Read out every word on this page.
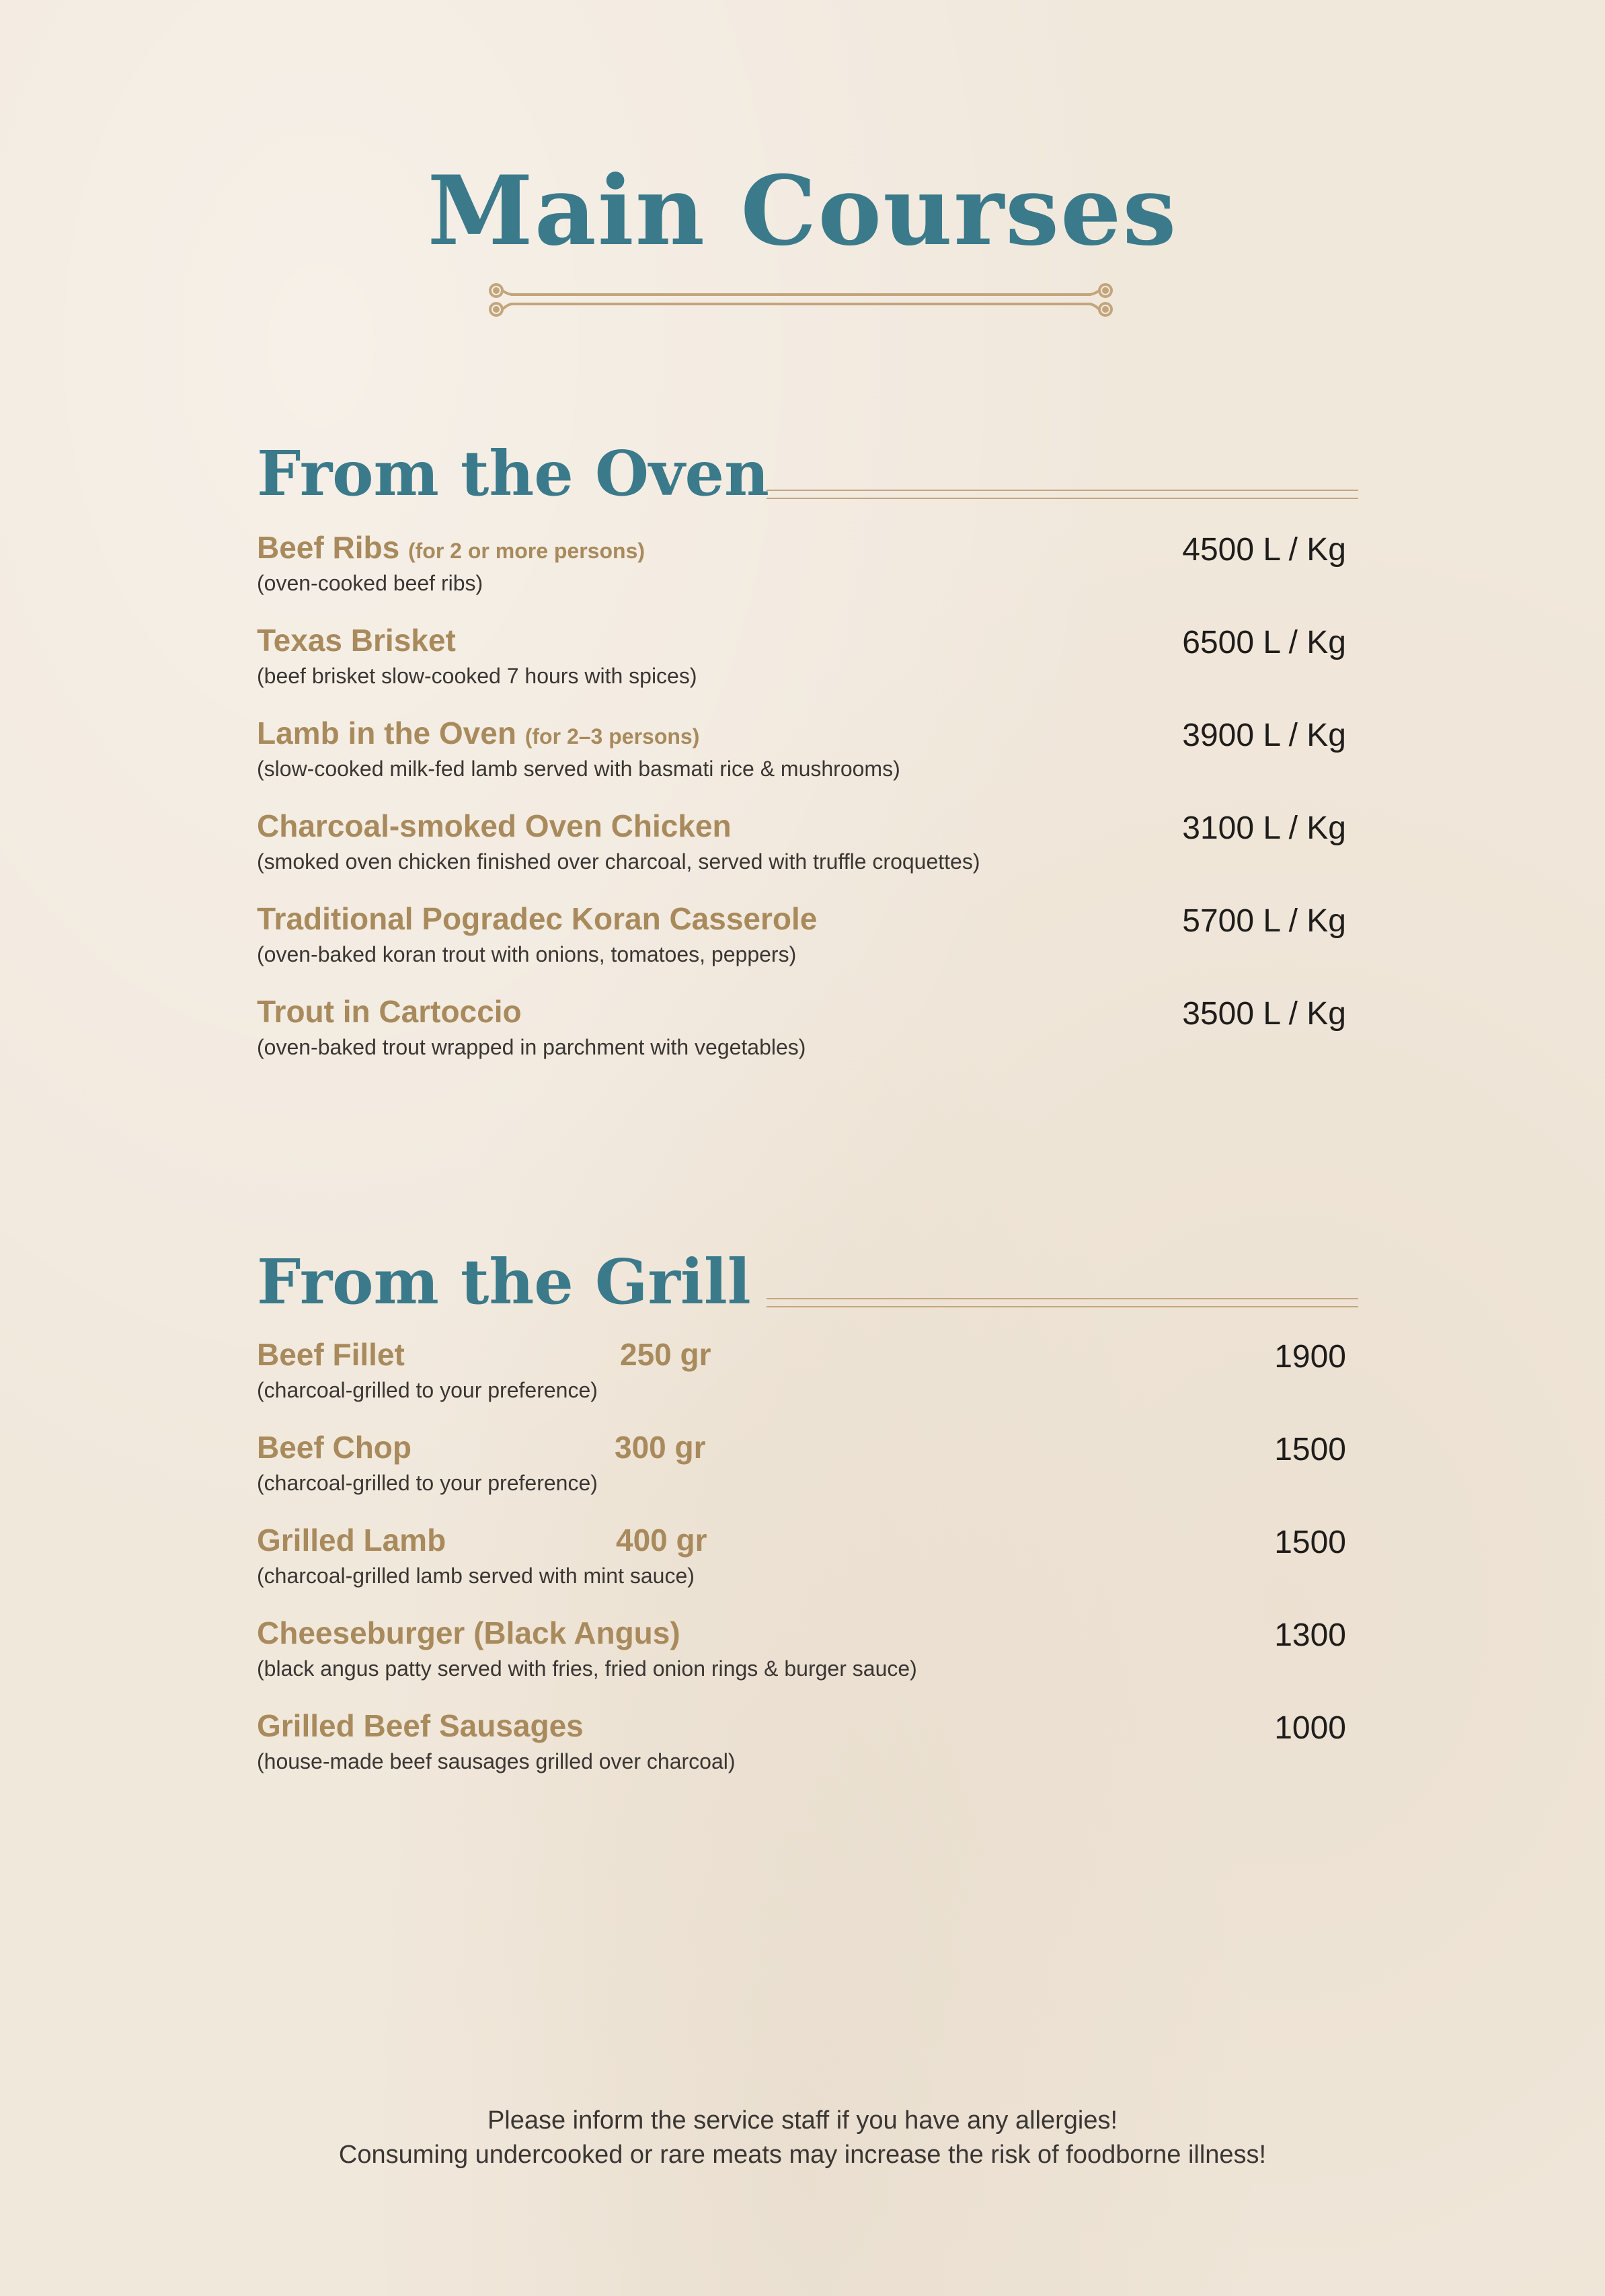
Main Courses
From the Oven
Beef Ribs (for 2 or more persons)
(oven-cooked beef ribs)
4500 L / Kg
Texas Brisket
(beef brisket slow-cooked 7 hours with spices)
6500 L / Kg
Lamb in the Oven (for 2–3 persons)
(slow-cooked milk-fed lamb served with basmati rice & mushrooms)
3900 L / Kg
Charcoal-smoked Oven Chicken
(smoked oven chicken finished over charcoal, served with truffle croquettes)
3100 L / Kg
Traditional Pogradec Koran Casserole
(oven-baked koran trout with onions, tomatoes, peppers)
5700 L / Kg
Trout in Cartoccio
(oven-baked trout wrapped in parchment with vegetables)
3500 L / Kg
From the Grill
Beef Fillet	250 gr
(charcoal-grilled to your preference)
1900
Beef Chop	300 gr
(charcoal-grilled to your preference)
1500
Grilled Lamb	400 gr
(charcoal-grilled lamb served with mint sauce)
1500
Cheeseburger (Black Angus)
(black angus patty served with fries, fried onion rings & burger sauce)
1300
Grilled Beef Sausages
(house-made beef sausages grilled over charcoal)
1000
Please inform the service staff if you have any allergies!
Consuming undercooked or rare meats may increase the risk of foodborne illness!
